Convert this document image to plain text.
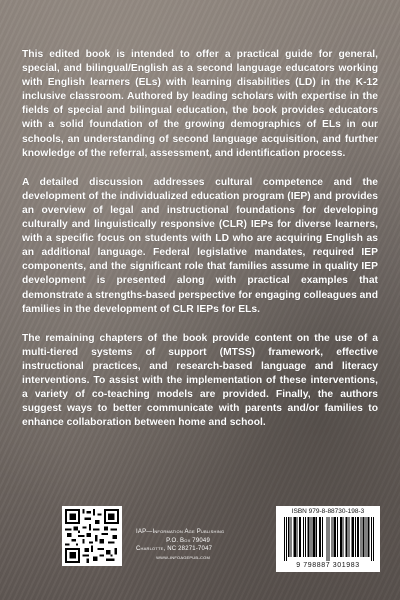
This edited book is intended to offer a practical guide for general, special, and bilingual/English as a second language educators working with English learners (ELs) with learning disabilities (LD) in the K-12 inclusive classroom. Authored by leading scholars with expertise in the fields of special and bilingual education, the book provides educators with a solid foundation of the growing demographics of ELs in our schools, an understanding of second language acquisition, and further knowledge of the referral, assessment, and identification process.

A detailed discussion addresses cultural competence and the development of the individualized education program (IEP) and provides an overview of legal and instructional foundations for developing culturally and linguistically responsive (CLR) IEPs for diverse learners, with a specific focus on students with LD who are acquiring English as an additional language. Federal legislative mandates, required IEP components, and the significant role that families assume in quality IEP development is presented along with practical examples that demonstrate a strengths-based perspective for engaging colleagues and families in the development of CLR IEPs for ELs.

The remaining chapters of the book provide content on the use of a multi-tiered systems of support (MTSS) framework, effective instructional practices, and research-based language and literacy interventions. To assist with the implementation of these interventions, a variety of co-teaching models are provided. Finally, the authors suggest ways to better communicate with parents and/or families to enhance collaboration between home and school.

IAP—Information Age Publishing
P.O. Box 79049
Charlotte, NC 28271-7047
www.infoagepub.com
ISBN 979-8-88730-198-3
9 798887 301983
